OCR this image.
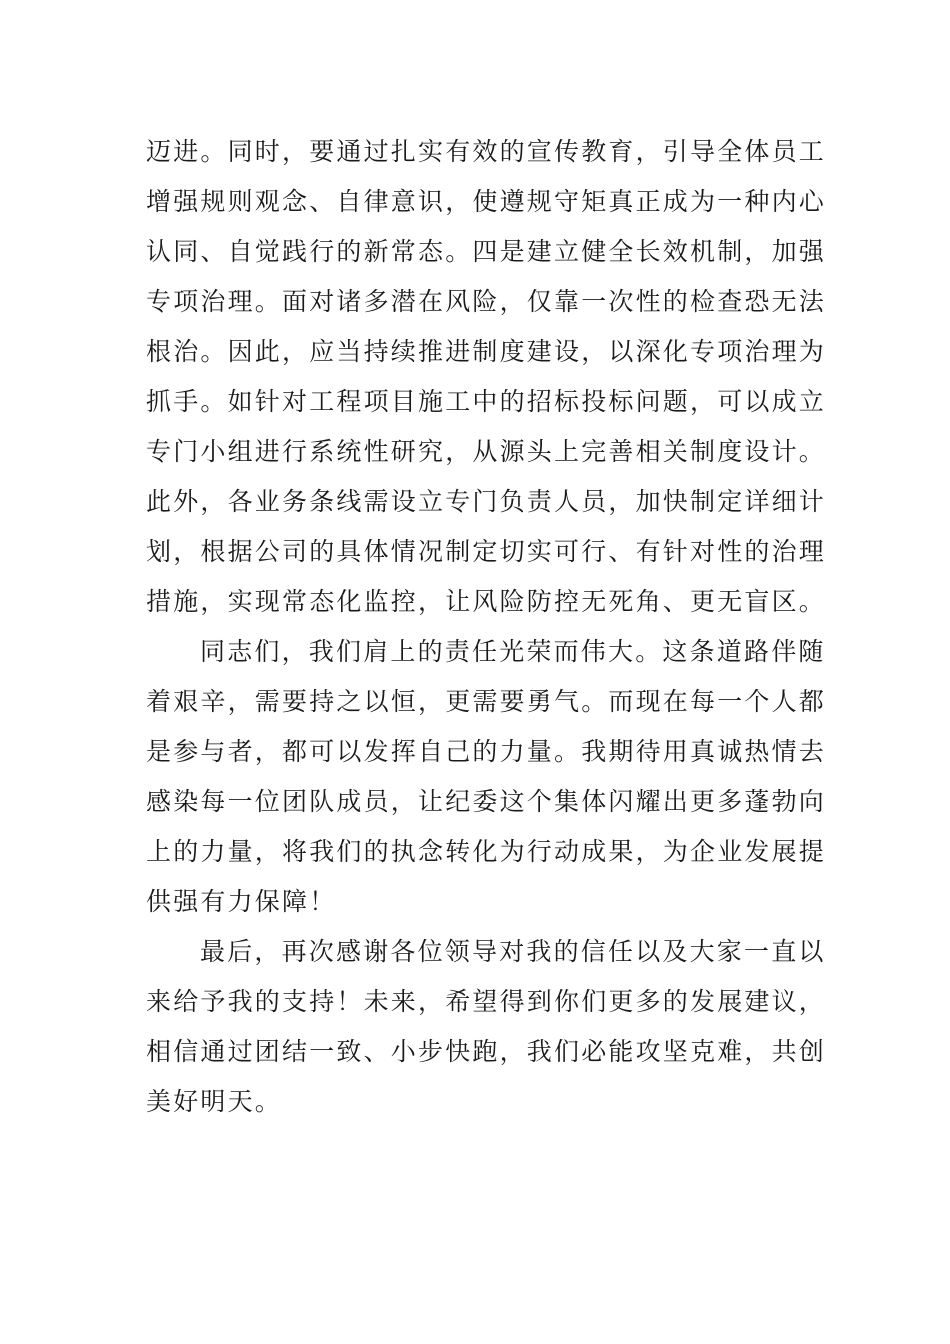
迈进。同时，要通过扎实有效的宣传教育，引导全体员工
增强规则观念、自律意识，使遵规守矩真正成为一种内心
认同、自觉践行的新常态。四是建立健全长效机制，加强
专项治理。面对诸多潜在风险，仅靠一次性的检查恐无法
根治。因此，应当持续推进制度建设，以深化专项治理为
抓手。如针对工程项目施工中的招标投标问题，可以成立
专门小组进行系统性研究，从源头上完善相关制度设计。
此外，各业务条线需设立专门负责人员，加快制定详细计
划，根据公司的具体情况制定切实可行、有针对性的治理
措施，实现常态化监控，让风险防控无死角、更无盲区。
同志们，我们肩上的责任光荣而伟大。这条道路伴随
着艰辛，需要持之以恒，更需要勇气。而现在每一个人都
是参与者，都可以发挥自己的力量。我期待用真诚热情去
感染每一位团队成员，让纪委这个集体闪耀出更多蓬勃向
上的力量，将我们的执念转化为行动成果，为企业发展提
供强有力保障！
最后，再次感谢各位领导对我的信任以及大家一直以
来给予我的支持！未来，希望得到你们更多的发展建议，
相信通过团结一致、小步快跑，我们必能攻坚克难，共创
美好明天。
